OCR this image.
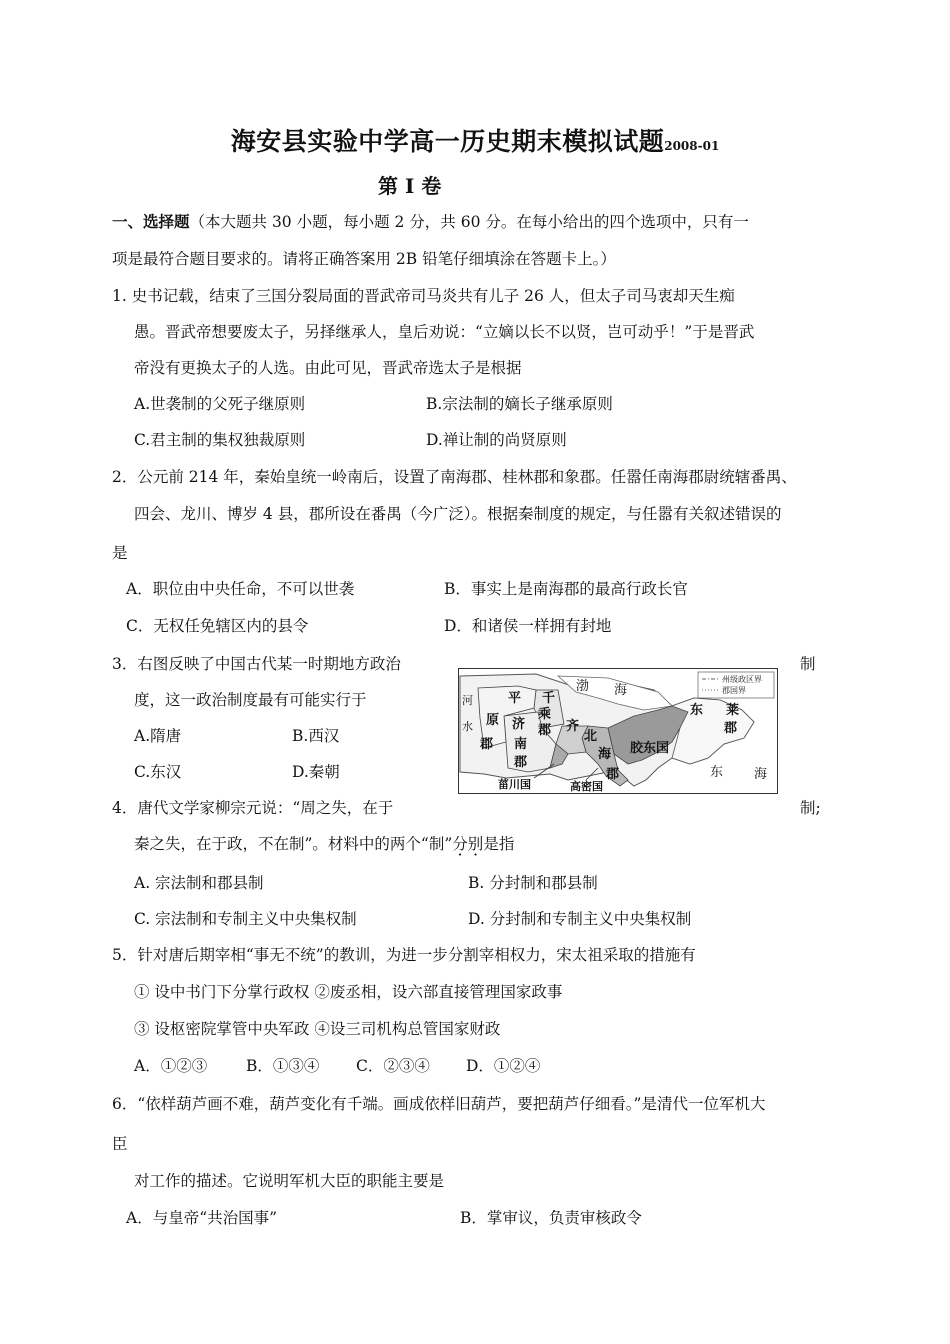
海安县实验中学高一历史期末模拟试题2008-01
第 I 卷
一、选择题（本大题共 30 小题，每小题 2 分，共 60 分。在每小给出的四个选项中，只有一
项是最符合题目要求的。请将正确答案用 2B 铅笔仔细填涂在答题卡上。）
1. 史书记载，结束了三国分裂局面的晋武帝司马炎共有儿子 26 人，但太子司马衷却天生痴
愚。晋武帝想要废太子，另择继承人，皇后劝说：“立嫡以长不以贤，岂可动乎！”于是晋武
帝没有更换太子的人选。由此可见，晋武帝选太子是根据
A.世袭制的父死子继原则	B.宗法制的嫡长子继承原则
C.君主制的集权独裁原则	D.禅让制的尚贤原则
2．公元前 214 年，秦始皇统一岭南后，设置了南海郡、桂林郡和象郡。任嚣任南海郡尉统辖番禺、
四会、龙川、博岁 4 县，郡所设在番禺（今广泛）。根据秦制度的规定，与任嚣有关叙述错误的
是
A．职位由中央任命，不可以世袭	B．事实上是南海郡的最高行政长官
C．无权任免辖区内的县令	D．和诸侯一样拥有封地
3．右图反映了中国古代某一时期地方政治	制
度，这一政治制度最有可能实行于
A.隋唐	B.西汉
C.东汉	D.秦朝
州级政区界
郡国界
渤 海
河
水
平
原
郡
千
乘
郡
济
南
郡
齐
北
海
郡
胶东国
东 莱
郡
东 海
菑川国	高密国
4．唐代文学家柳宗元说：“周之失，在于	制;
秦之失，在于政，不在制”。材料中的两个“制”分别是指
A. 宗法制和郡县制	B. 分封制和郡县制
C. 宗法制和专制主义中央集权制	D. 分封制和专制主义中央集权制
5．针对唐后期宰相“事无不统”的教训，为进一步分割宰相权力，宋太祖采取的措施有
① 设中书门下分掌行政权 ②废丞相，设六部直接管理国家政事
③ 设枢密院掌管中央军政 ④设三司机构总管国家财政
A．①②③	B．①③④ C．②③④ D．①②④
6．“依样葫芦画不难，葫芦变化有千端。画成依样旧葫芦，要把葫芦仔细看。”是清代一位军机大
臣
对工作的描述。它说明军机大臣的职能主要是
A．与皇帝“共治国事”	B．掌审议，负责审核政令
